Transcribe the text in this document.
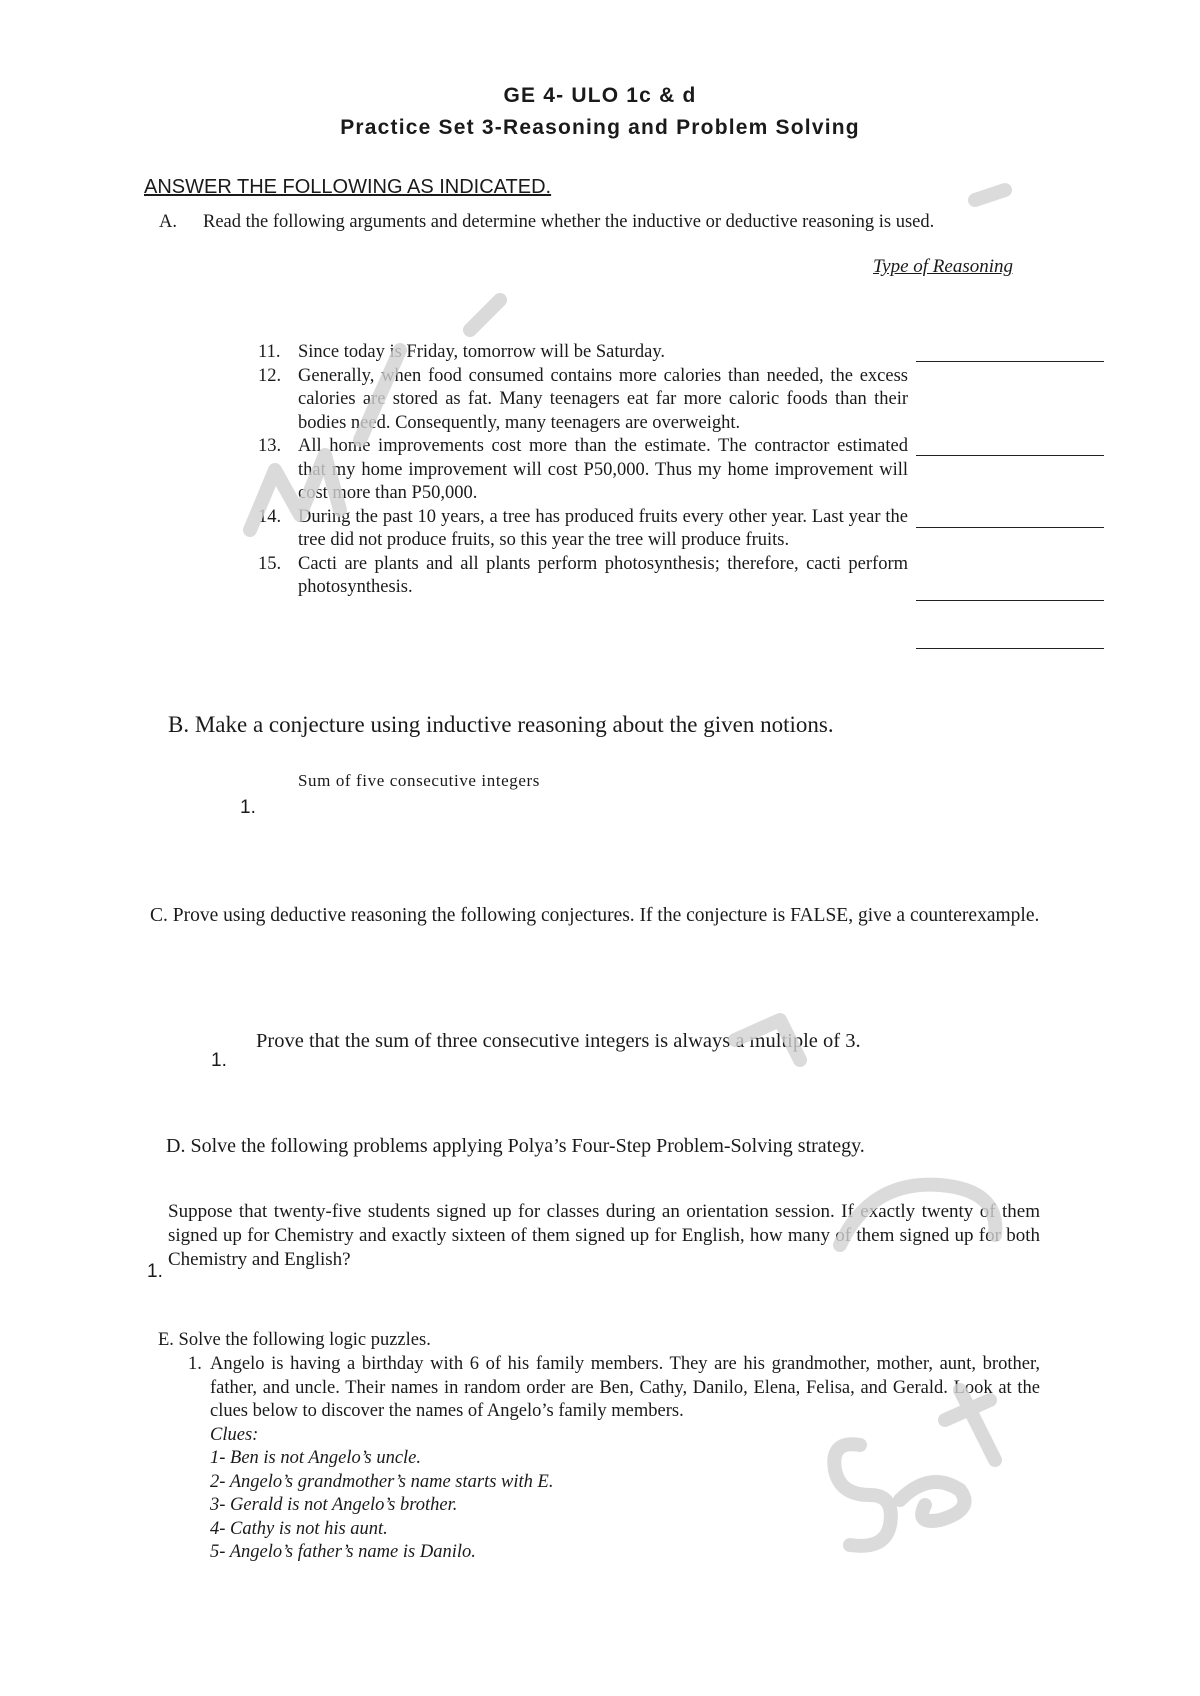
GE 4- ULO 1c & d
Practice Set 3-Reasoning and Problem Solving
ANSWER THE FOLLOWING AS INDICATED.
A. Read the following arguments and determine whether the inductive or deductive reasoning is used.
Type of Reasoning
11. Since today is Friday, tomorrow will be Saturday.
12. Generally, when food consumed contains more calories than needed, the excess calories are stored as fat. Many teenagers eat far more caloric foods than their bodies need. Consequently, many teenagers are overweight.
13. All home improvements cost more than the estimate. The contractor estimated that my home improvement will cost P50,000. Thus my home improvement will cost more than P50,000.
14. During the past 10 years, a tree has produced fruits every other year. Last year the tree did not produce fruits, so this year the tree will produce fruits.
15. Cacti are plants and all plants perform photosynthesis; therefore, cacti perform photosynthesis.
B. Make a conjecture using inductive reasoning about the given notions.
Sum of five consecutive integers
1.
C. Prove using deductive reasoning the following conjectures. If the conjecture is FALSE, give a counterexample.
Prove that the sum of three consecutive integers is always a multiple of 3.
1.
D. Solve the following problems applying Polya’s Four-Step Problem-Solving strategy.
Suppose that twenty-five students signed up for classes during an orientation session. If exactly twenty of them signed up for Chemistry and exactly sixteen of them signed up for English, how many of them signed up for both Chemistry and English?
1.
E. Solve the following logic puzzles.
1. Angelo is having a birthday with 6 of his family members. They are his grandmother, mother, aunt, brother, father, and uncle. Their names in random order are Ben, Cathy, Danilo, Elena, Felisa, and Gerald. Look at the clues below to discover the names of Angelo’s family members.
Clues:
1- Ben is not Angelo’s uncle.
2- Angelo’s grandmother’s name starts with E.
3- Gerald is not Angelo’s brother.
4- Cathy is not his aunt.
5- Angelo’s father’s name is Danilo.
